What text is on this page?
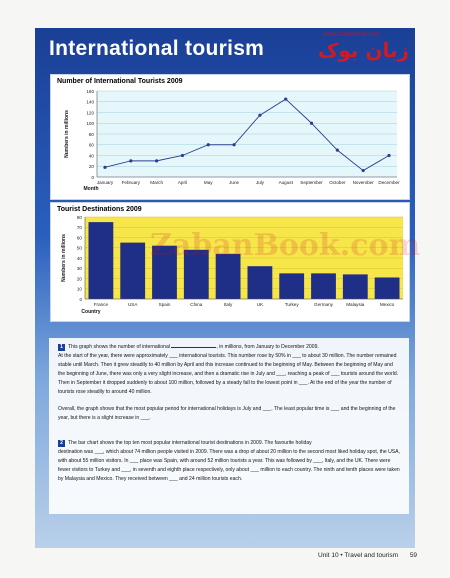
International tourism
www.zabanbook.com
زبان بوک
Number of International Tourists 2009
0
20
40
60
80
100
120
140
160
January February March	April	May	June	July	August September October November December
Month
Numbers in millions
Tourist Destinations 2009
0
10
20
30
40
50
60
70
80
France	USA	Spain	China	Italy	UK	Turkey	Germany	Malaysia	Mexico
Country
Numbers in millions	ZabanBook.com
1 This graph shows the number of international	, in millions, from January to December 2009.
At the start of the year, there were approximately ___ international tourists. This number rose by 50% in ___ to about 30 million. The number remained stable until March. Then it grew steadily to 40 million by April and this increase continued to the beginning of May. Between the beginning of May and the beginning of June, there was only a very slight increase, and then a dramatic rise in July and ___, reaching a peak of ___ tourists around the world. Then in September it dropped suddenly to about 100 million, followed by a steady fall to the lowest point in ___. At the end of the year the number of tourists rose steadily to around 40 million.
Overall, the graph shows that the most popular period for international holidays is July and ___. The least popular time is ___ and the beginning of the year, but there is a slight increase in ___.
2 The bar chart shows the top ten most popular international tourist destinations in 2009. The favourite holiday
destination was ___, which about 74 million people visited in 2009. There was a drop of about 20 million to the second most liked holiday spot, the USA, with about 55 million visitors. In ___ place was Spain, with around 52 million tourists a year. This was followed by ___, Italy, and the UK. There were fewer visitors to Turkey and ___, in seventh and eighth place respectively, only about ___ million to each country. The ninth and tenth places were taken by Malaysia and Mexico. They received between ___ and 24 million tourists each.
Unit 10 • Travel and tourism 59
